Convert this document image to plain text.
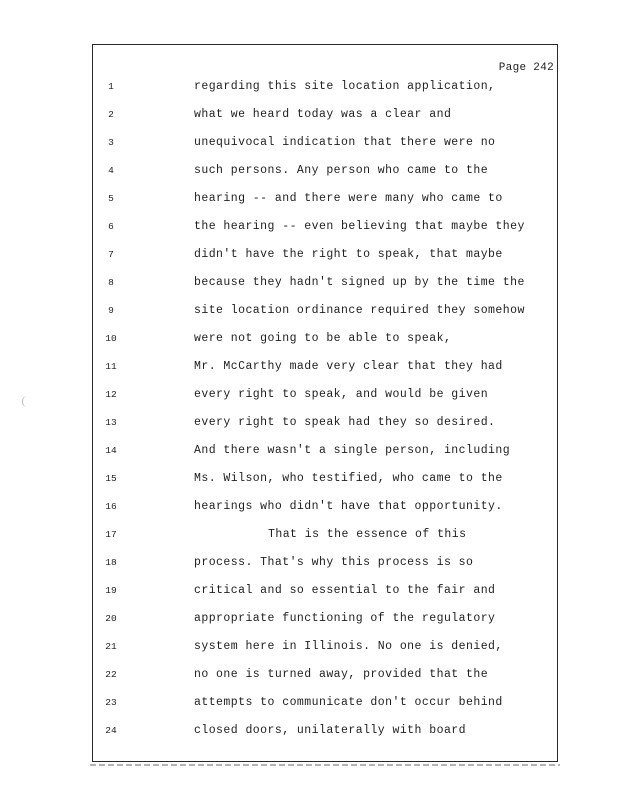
Page 242
1	regarding this site location application,
2	what we heard today was a clear and
3	unequivocal indication that there were no
4	such persons. Any person who came to the
5	hearing -- and there were many who came to
6	the hearing -- even believing that maybe they
7	didn't have the right to speak, that maybe
8	because they hadn't signed up by the time the
9	site location ordinance required they somehow
10	were not going to be able to speak,
11	Mr. McCarthy made very clear that they had
12	every right to speak, and would be given
13	every right to speak had they so desired.
14	And there wasn't a single person, including
15	Ms. Wilson, who testified, who came to the
16	hearings who didn't have that opportunity.
17	That is the essence of this
18	process. That's why this process is so
19	critical and so essential to the fair and
20	appropriate functioning of the regulatory
21	system here in Illinois. No one is denied,
22	no one is turned away, provided that the
23	attempts to communicate don't occur behind
24	closed doors, unilaterally with board
